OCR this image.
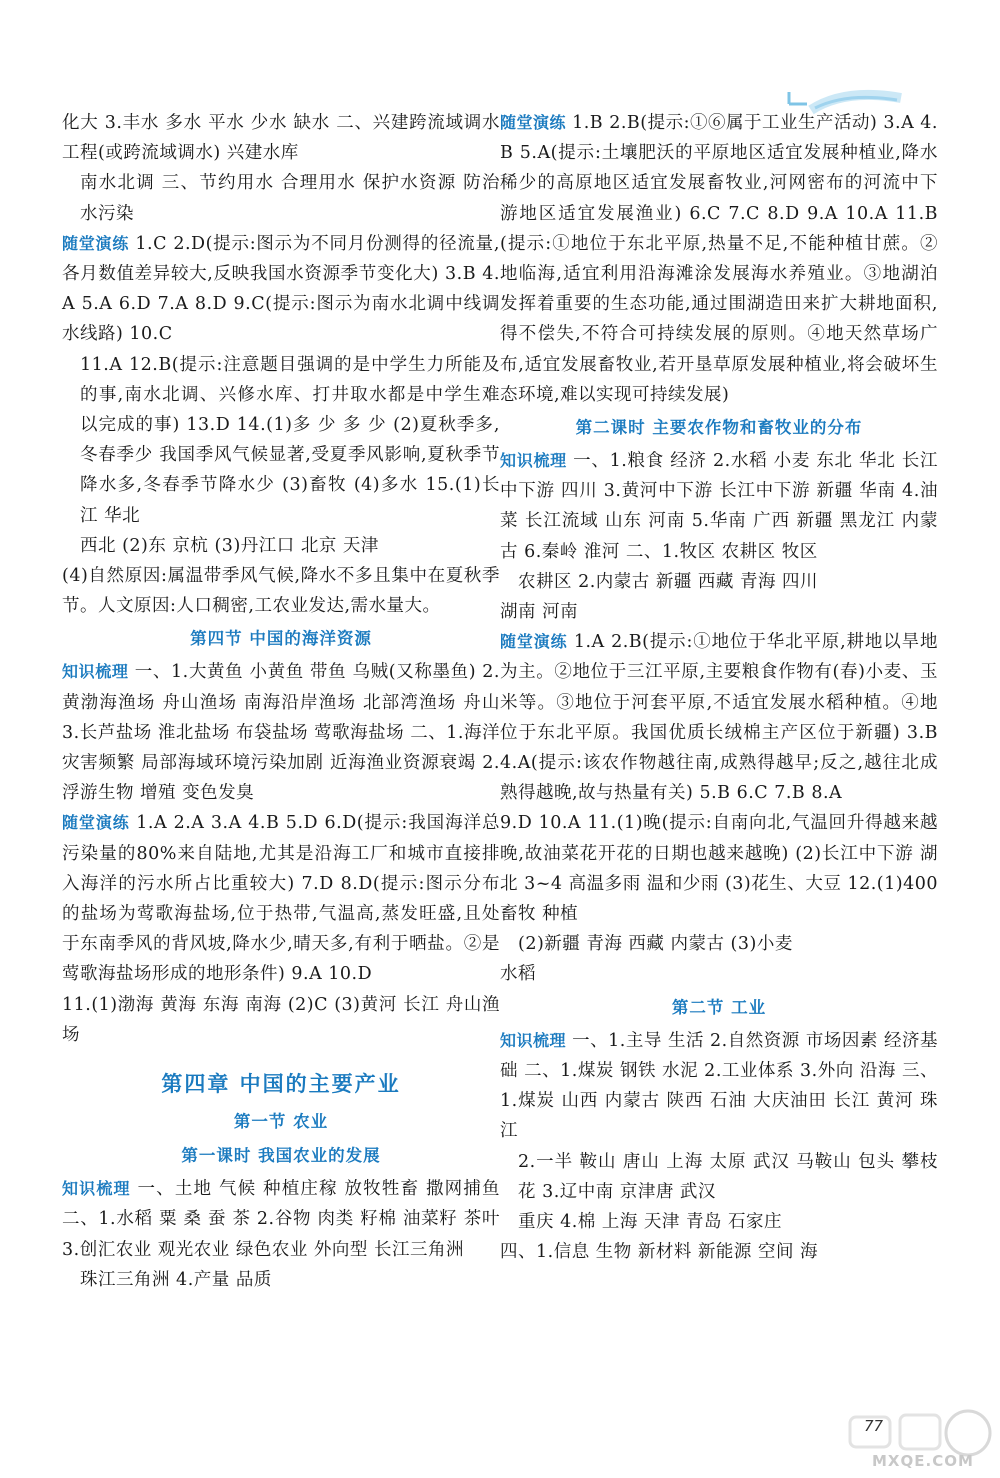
化大 3.丰水 多水 平水 少水 缺水 二、兴建跨流域调水工程(或跨流域调水) 兴建水库

南水北调 三、节约用水 合理用水 保护水资源 防治水污染

随堂演练 1.C 2.D(提示:图示为不同月份测得的径流量,各月数值差异较大,反映我国水资源季节变化大) 3.B 4.A 5.A 6.D 7.A 8.D 9.C(提示:图示为南水北调中线调水线路) 10.C

11.A 12.B(提示:注意题目强调的是中学生力所能及的事,南水北调、兴修水库、打井取水都是中学生难以完成的事) 13.D 14.(1)多 少 多 少 (2)夏秋季多,冬春季少 我国季风气候显著,受夏季风影响,夏秋季节降水多,冬春季节降水少 (3)畜牧 (4)多水 15.(1)长江 华北

西北 (2)东 京杭 (3)丹江口 北京 天津

(4)自然原因:属温带季风气候,降水不多且集中在夏秋季节。人文原因:人口稠密,工农业发达,需水量大。

第四节 中国的海洋资源

知识梳理 一、1.大黄鱼 小黄鱼 带鱼 乌贼(又称墨鱼) 2.黄渤海渔场 舟山渔场 南海沿岸渔场 北部湾渔场 舟山 3.长芦盐场 淮北盐场 布袋盐场 莺歌海盐场 二、1.海洋灾害频繁 局部海域环境污染加剧 近海渔业资源衰竭 2.浮游生物 增殖 变色发臭

随堂演练 1.A 2.A 3.A 4.B 5.D 6.D(提示:我国海洋总污染量的80%来自陆地,尤其是沿海工厂和城市直接排入海洋的污水所占比重较大) 7.D 8.D(提示:图示分布的盐场为莺歌海盐场,位于热带,气温高,蒸发旺盛,且处于东南季风的背风坡,降水少,晴天多,有利于晒盐。②是莺歌海盐场形成的地形条件) 9.A 10.D

11.(1)渤海 黄海 东海 南海 (2)C (3)黄河 长江 舟山渔场

第四章 中国的主要产业
第一节 农业
第一课时 我国农业的发展

知识梳理 一、土地 气候 种植庄稼 放牧牲畜 撒网捕鱼 二、1.水稻 粟 桑 蚕 茶 2.谷物 肉类 籽棉 油菜籽 茶叶 3.创汇农业 观光农业 绿色农业 外向型 长江三角洲

珠江三角洲 4.产量 品质

随堂演练 1.B 2.B(提示:①⑥属于工业生产活动) 3.A 4.B 5.A(提示:土壤肥沃的平原地区适宜发展种植业,降水稀少的高原地区适宜发展畜牧业,河网密布的河流中下游地区适宜发展渔业) 6.C 7.C 8.D 9.A 10.A 11.B(提示:①地位于东北平原,热量不足,不能种植甘蔗。②地临海,适宜利用沿海滩涂发展海水养殖业。③地湖泊发挥着重要的生态功能,通过围湖造田来扩大耕地面积,得不偿失,不符合可持续发展的原则。④地天然草场广布,适宜发展畜牧业,若开垦草原发展种植业,将会破坏生态环境,难以实现可持续发展)

第二课时 主要农作物和畜牧业的分布

知识梳理 一、1.粮食 经济 2.水稻 小麦 东北 华北 长江中下游 四川 3.黄河中下游 长江中下游 新疆 华南 4.油菜 长江流域 山东 河南 5.华南 广西 新疆 黑龙江 内蒙古 6.秦岭 淮河 二、1.牧区 农耕区 牧区

农耕区 2.内蒙古 新疆 西藏 青海 四川

湖南 河南

随堂演练 1.A 2.B(提示:①地位于华北平原,耕地以旱地为主。②地位于三江平原,主要粮食作物有(春)小麦、玉米等。③地位于河套平原,不适宜发展水稻种植。④地位于东北平原。我国优质长绒棉主产区位于新疆) 3.B 4.A(提示:该农作物越往南,成熟得越早;反之,越往北成熟得越晚,故与热量有关) 5.B 6.C 7.B 8.A

9.D 10.A 11.(1)晚(提示:自南向北,气温回升得越来越晚,故油菜花开花的日期也越来越晚) (2)长江中下游 湖北 3~4 高温多雨 温和少雨 (3)花生、大豆 12.(1)400 畜牧 种植

(2)新疆 青海 西藏 内蒙古 (3)小麦

水稻

第二节 工业

知识梳理 一、1.主导 生活 2.自然资源 市场因素 经济基础 二、1.煤炭 钢铁 水泥 2.工业体系 3.外向 沿海 三、1.煤炭 山西 内蒙古 陕西 石油 大庆油田 长江 黄河 珠江

2.一半 鞍山 唐山 上海 太原 武汉 马鞍山 包头 攀枝花 3.辽中南 京津唐 武汉

重庆 4.棉 上海 天津 青岛 石家庄

四、1.信息 生物 新材料 新能源 空间 海

77
MXQE.COM
